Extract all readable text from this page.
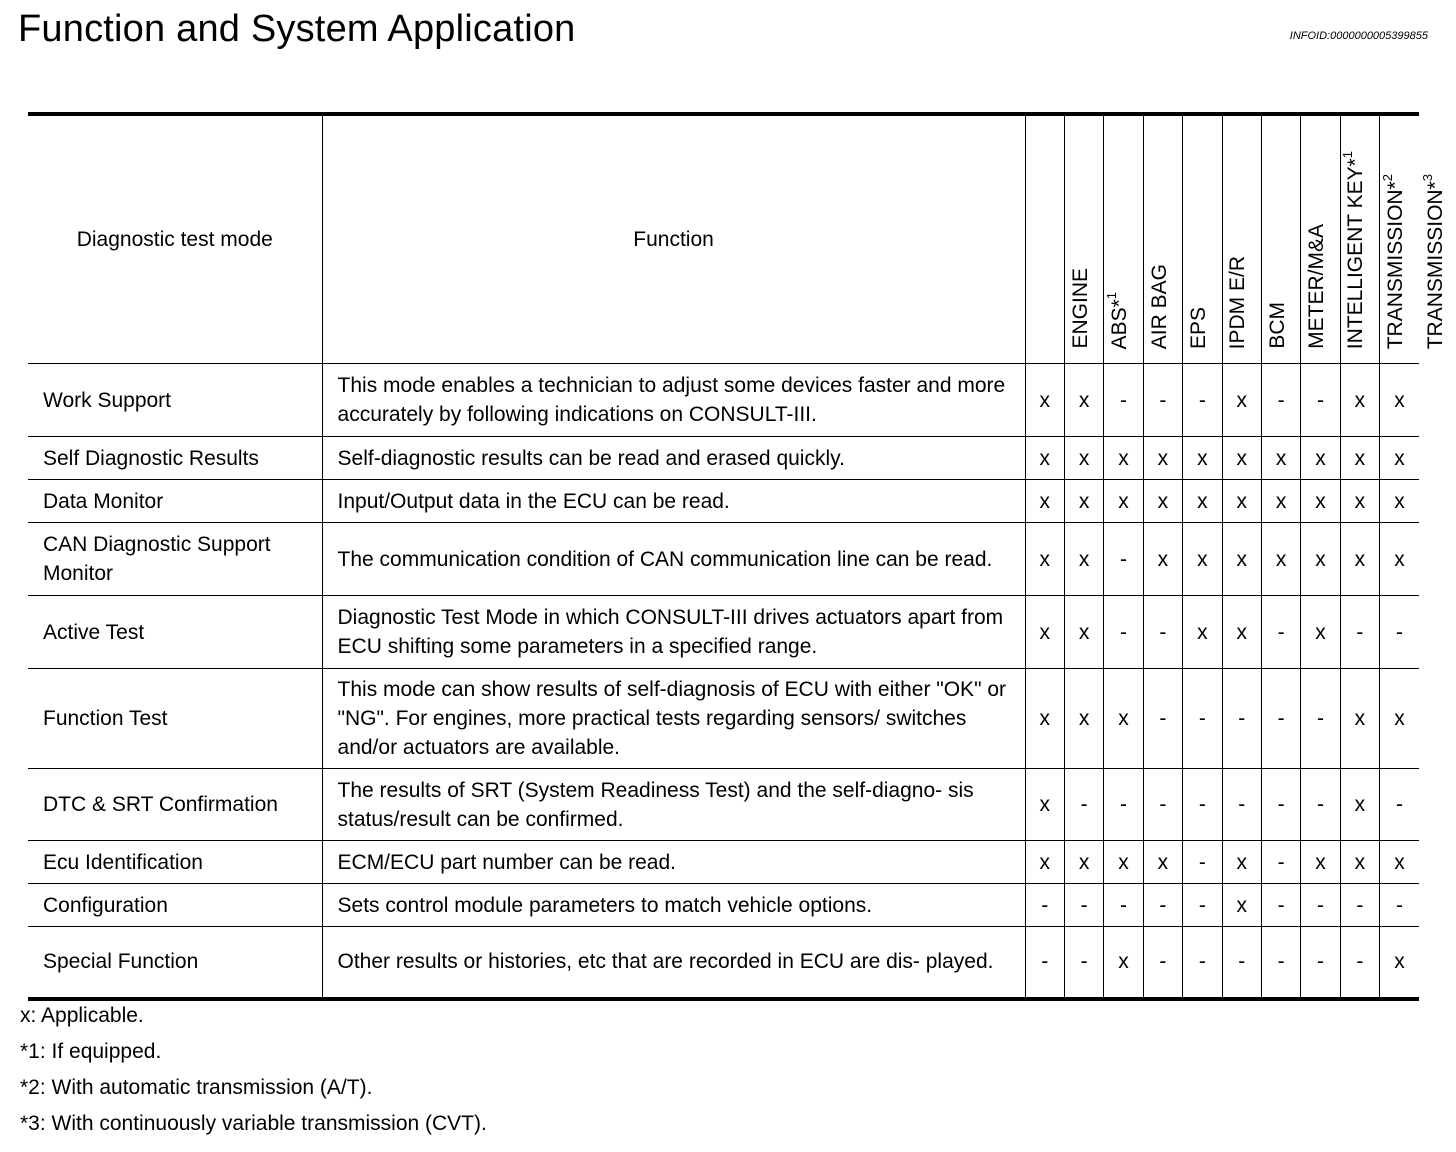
Function and System Application	INFOID:0000000005399855
Diagnostic test mode	Function	ENGINE	ABS*$^1$	AIR BAG	EPS	IPDM E/R	BCM	METER/M&A	INTELLIGENT KEY*$^1$	TRANSMISSION*$^2$	TRANSMISSION*$^3$

Work Support	This mode enables a technician to adjust some devices faster and more accurately by following indications on CONSULT-III.	x	x	-	-	-	x	-	-	x	x
Self Diagnostic Results	Self-diagnostic results can be read and erased quickly.	x	x	x	x	x	x	x	x	x	x
Data Monitor	Input/Output data in the ECU can be read.	x	x	x	x	x	x	x	x	x	x
CAN Diagnostic Support Monitor	The communication condition of CAN communication line can be read.	x	x	-	x	x	x	x	x	x	x
Active Test	Diagnostic Test Mode in which CONSULT-III drives actuators apart from ECU shifting some parameters in a specified range.	x	x	-	-	x	x	-	x	-	-
Function Test	This mode can show results of self-diagnosis of ECU with either "OK" or "NG". For engines, more practical tests regarding sensors/ switches and/or actuators are available.	x	x	x	-	-	-	-	-	x	x
DTC & SRT Confirmation	The results of SRT (System Readiness Test) and the self-diagno- sis status/result can be confirmed.	x	-	-	-	-	-	-	-	x	-
Ecu Identification	ECM/ECU part number can be read.	x	x	x	x	-	x	-	x	x	x
Configuration	Sets control module parameters to match vehicle options.	-	-	-	-	-	x	-	-	-	-
Special Function	Other results or histories, etc that are recorded in ECU are dis- played.	-	-	x	-	-	-	-	-	-	x
x: Applicable.
*1: If equipped.
*2: With automatic transmission (A/T).
*3: With continuously variable transmission (CVT).
